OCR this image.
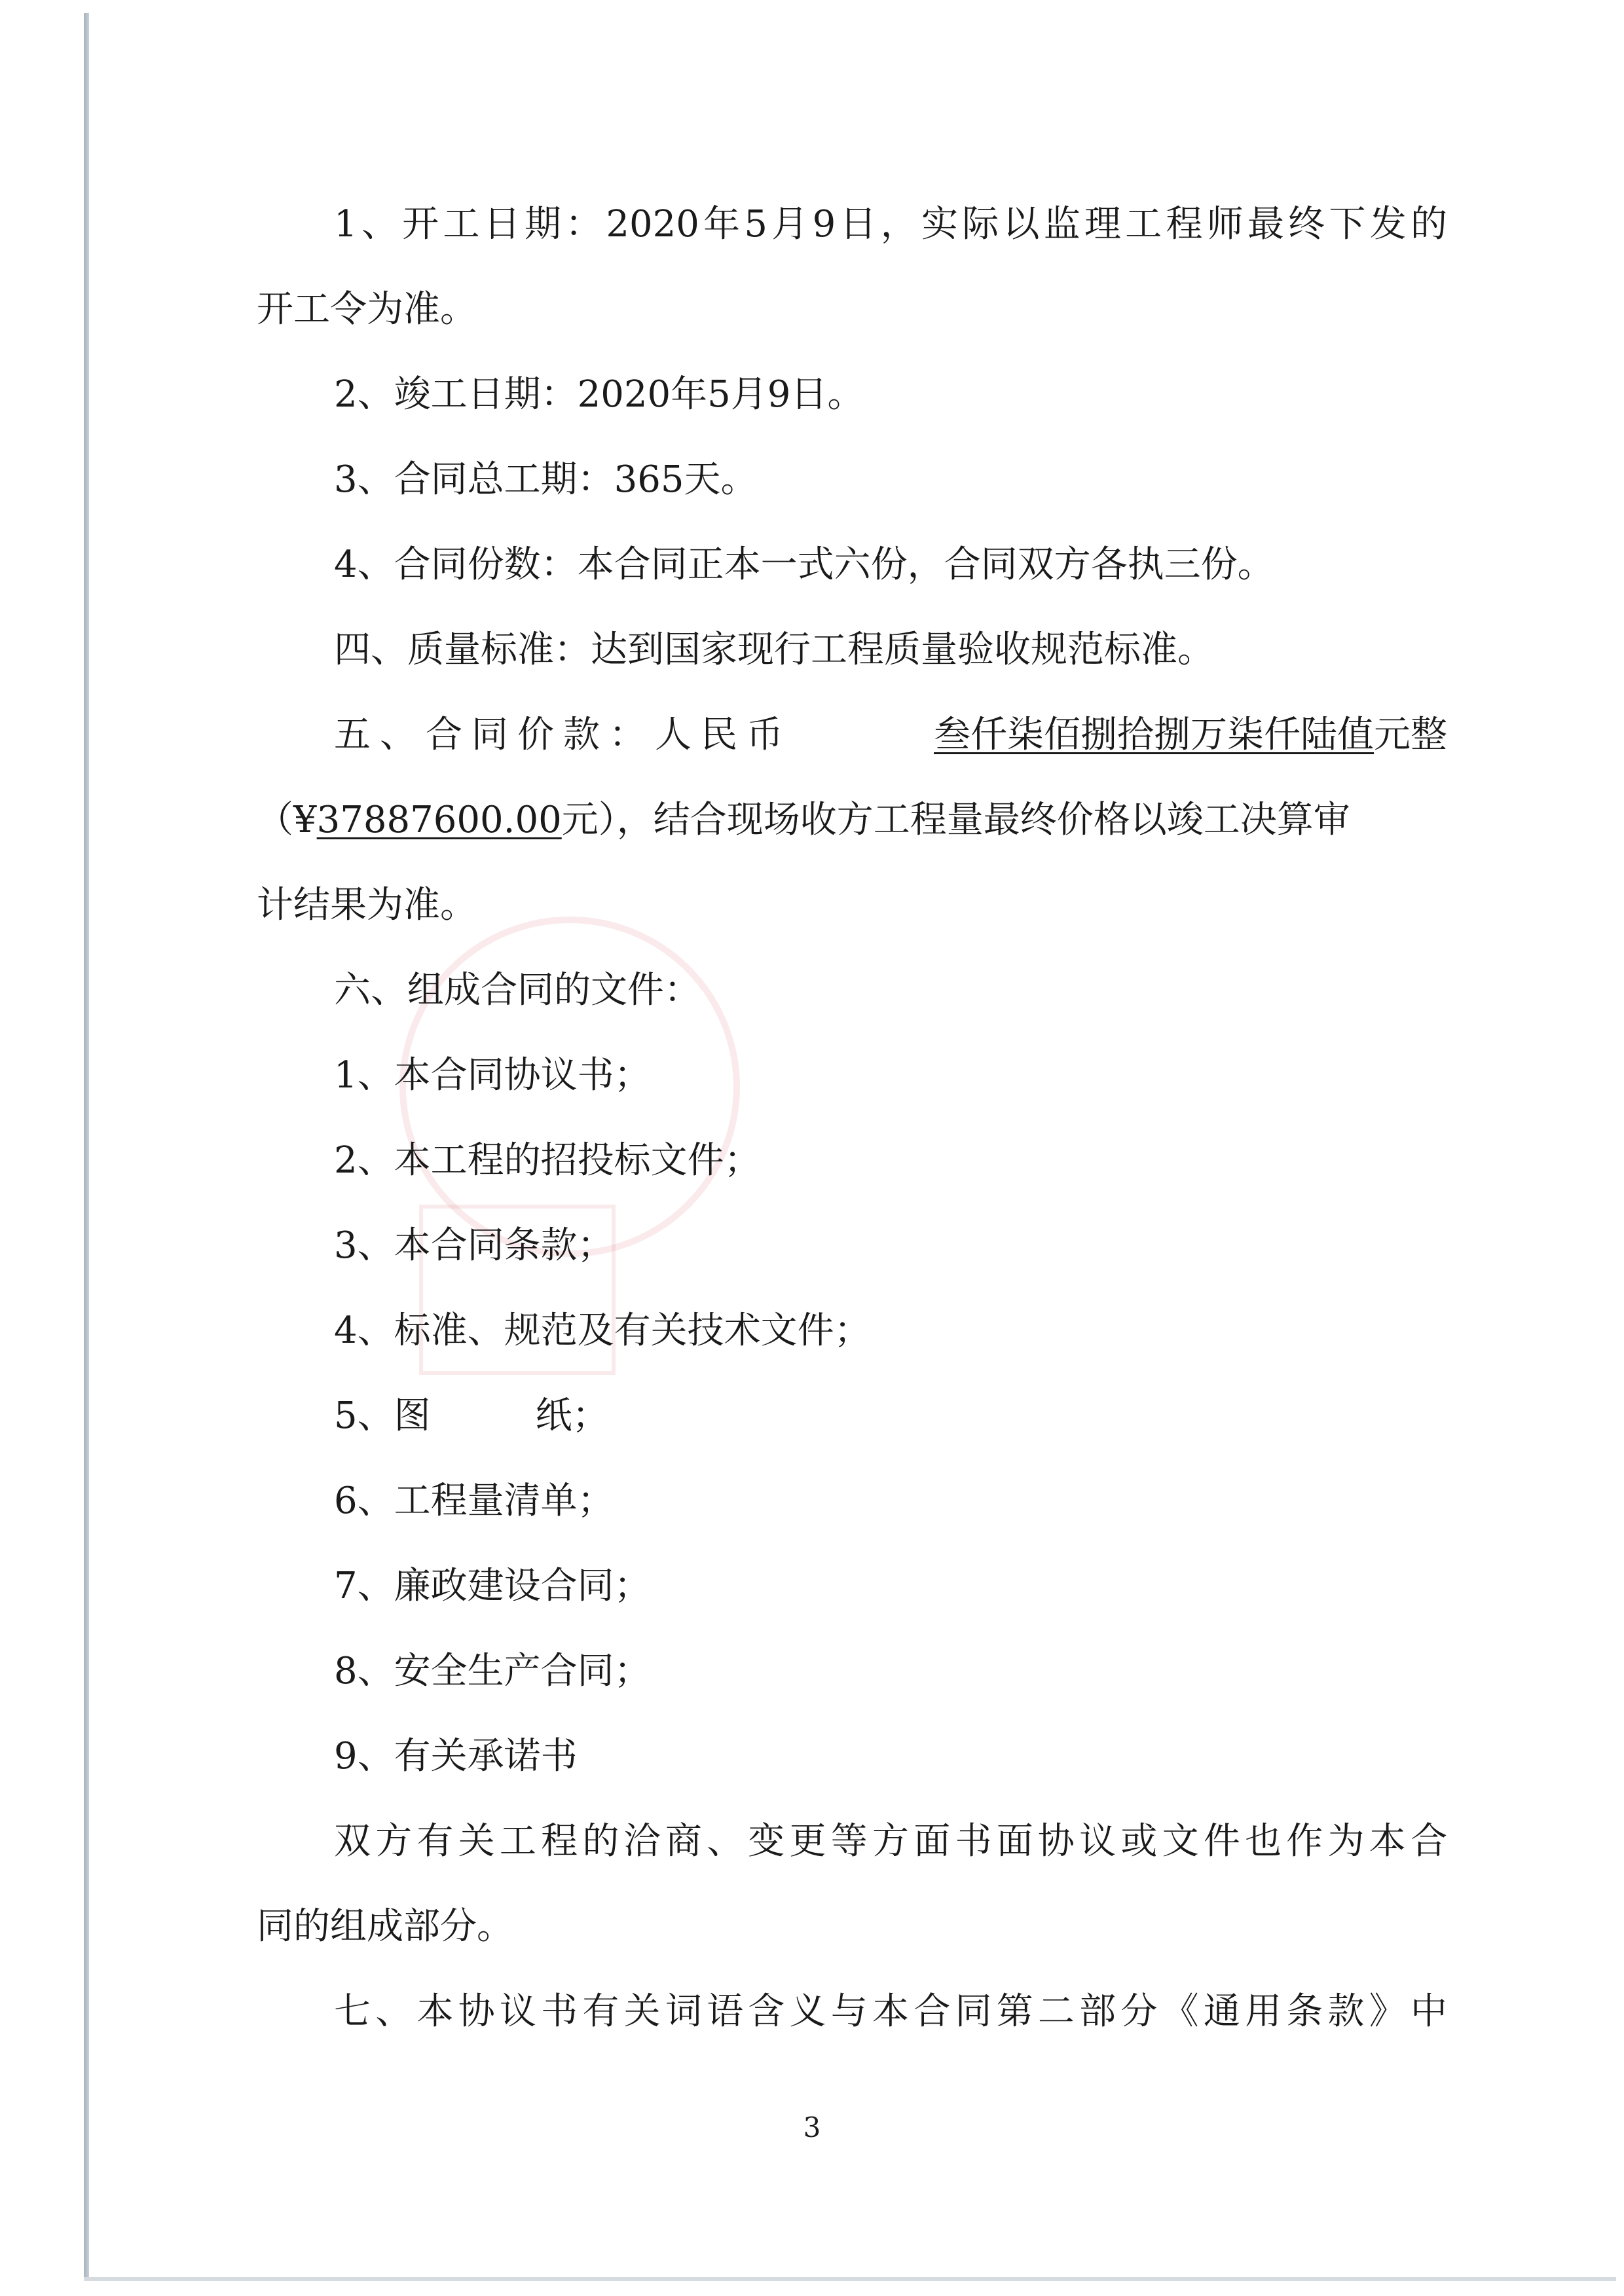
1、开工日期：2020年5月9日，实际以监理工程师最终下发的
开工令为准。
2、竣工日期：2020年5月9日。
3、合同总工期：365天。
4、合同份数：本合同正本一式六份，合同双方各执三份。
四、质量标准：达到国家现行工程质量验收规范标准。
五、合同价款：人民币	叁仟柒佰捌拾捌万柒仟陆值元整
（¥37887600.00元），结合现场收方工程量最终价格以竣工决算审
计结果为准。
六、组成合同的文件：
1、本合同协议书；
2、本工程的招投标文件；
3、本合同条款；
4、标准、规范及有关技术文件；
5、图	纸；
6、工程量清单；
7、廉政建设合同；
8、安全生产合同；
9、有关承诺书
双方有关工程的洽商、变更等方面书面协议或文件也作为本合
同的组成部分。
七、本协议书有关词语含义与本合同第二部分《通用条款》中
3
